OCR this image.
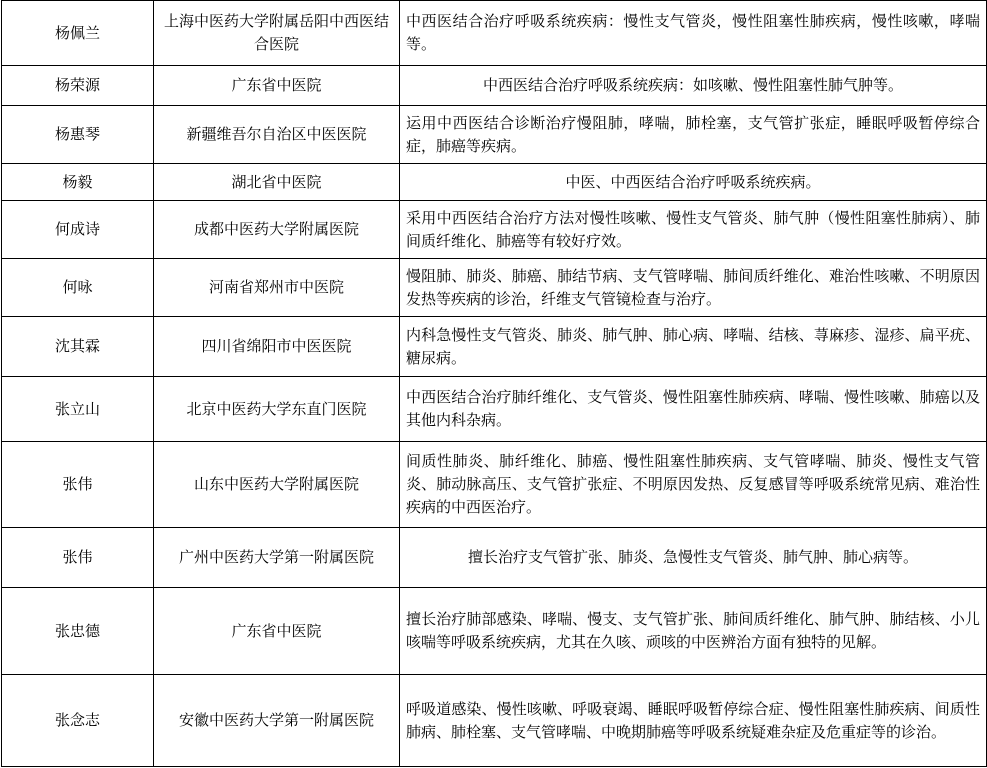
杨佩兰	上海中医药大学附属岳阳中西医结合医院	中西医结合治疗呼吸系统疾病：慢性支气管炎，慢性阻塞性肺疾病，慢性咳嗽，哮喘等。
杨荣源	广东省中医院	中西医结合治疗呼吸系统疾病：如咳嗽、慢性阻塞性肺气肿等。
杨惠琴	新疆维吾尔自治区中医医院	运用中西医结合诊断治疗慢阻肺，哮喘，肺栓塞，支气管扩张症，睡眠呼吸暂停综合症，肺癌等疾病。
杨毅	湖北省中医院	中医、中西医结合治疗呼吸系统疾病。
何成诗	成都中医药大学附属医院	采用中西医结合治疗方法对慢性咳嗽、慢性支气管炎、肺气肿（慢性阻塞性肺病）、肺间质纤维化、肺癌等有较好疗效。
何咏	河南省郑州市中医院	慢阻肺、肺炎、肺癌、肺结节病、支气管哮喘、肺间质纤维化、难治性咳嗽、不明原因发热等疾病的诊治，纤维支气管镜检查与治疗。
沈其霖	四川省绵阳市中医医院	内科急慢性支气管炎、肺炎、肺气肿、肺心病、哮喘、结核、荨麻疹、湿疹、扁平疣、糖尿病。
张立山	北京中医药大学东直门医院	中西医结合治疗肺纤维化、支气管炎、慢性阻塞性肺疾病、哮喘、慢性咳嗽、肺癌以及其他内科杂病。
张伟	山东中医药大学附属医院	间质性肺炎、肺纤维化、肺癌、慢性阻塞性肺疾病、支气管哮喘、肺炎、慢性支气管炎、肺动脉高压、支气管扩张症、不明原因发热、反复感冒等呼吸系统常见病、难治性疾病的中西医治疗。
张伟	广州中医药大学第一附属医院	擅长治疗支气管扩张、肺炎、急慢性支气管炎、肺气肿、肺心病等。
张忠德	广东省中医院	擅长治疗肺部感染、哮喘、慢支、支气管扩张、肺间质纤维化、肺气肿、肺结核、小儿咳喘等呼吸系统疾病，尤其在久咳、顽咳的中医辨治方面有独特的见解。
张念志	安徽中医药大学第一附属医院	呼吸道感染、慢性咳嗽、呼吸衰竭、睡眠呼吸暂停综合症、慢性阻塞性肺疾病、间质性肺病、肺栓塞、支气管哮喘、中晚期肺癌等呼吸系统疑难杂症及危重症等的诊治。
